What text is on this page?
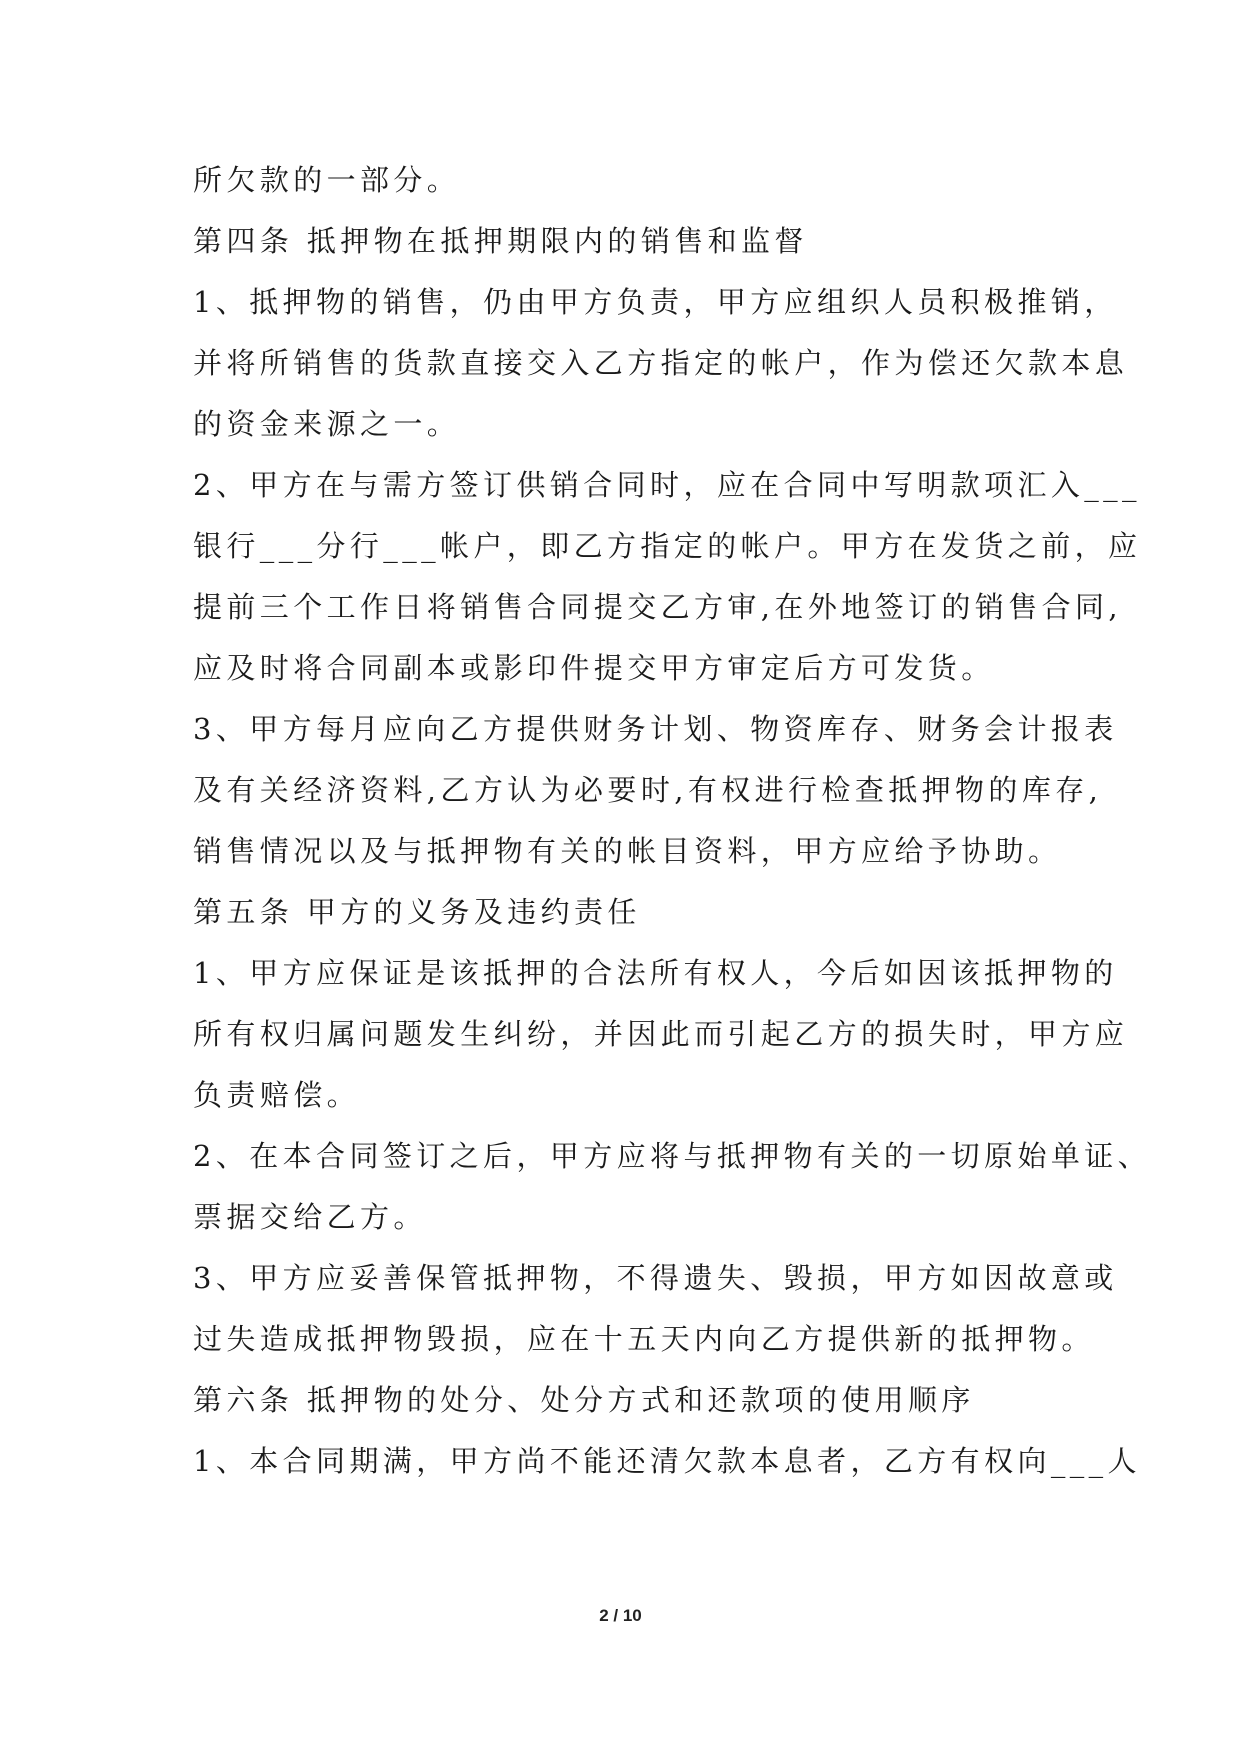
所欠款的一部分。

第四条 抵押物在抵押期限内的销售和监督

1、抵押物的销售，仍由甲方负责，甲方应组织人员积极推销，

并将所销售的货款直接交入乙方指定的帐户，作为偿还欠款本息

的资金来源之一。

2、甲方在与需方签订供销合同时，应在合同中写明款项汇入___

银行___分行___帐户，即乙方指定的帐户。甲方在发货之前，应

提前三个工作日将销售合同提交乙方审,在外地签订的销售合同,

应及时将合同副本或影印件提交甲方审定后方可发货。

3、甲方每月应向乙方提供财务计划、物资库存、财务会计报表

及有关经济资料,乙方认为必要时,有权进行检查抵押物的库存,

销售情况以及与抵押物有关的帐目资料，甲方应给予协助。

第五条 甲方的义务及违约责任

1、甲方应保证是该抵押的合法所有权人，今后如因该抵押物的

所有权归属问题发生纠纷，并因此而引起乙方的损失时，甲方应

负责赔偿。

2、在本合同签订之后，甲方应将与抵押物有关的一切原始单证、

票据交给乙方。

3、甲方应妥善保管抵押物，不得遗失、毁损，甲方如因故意或

过失造成抵押物毁损，应在十五天内向乙方提供新的抵押物。

第六条 抵押物的处分、处分方式和还款项的使用顺序

1、本合同期满，甲方尚不能还清欠款本息者，乙方有权向___人

2 / 10
